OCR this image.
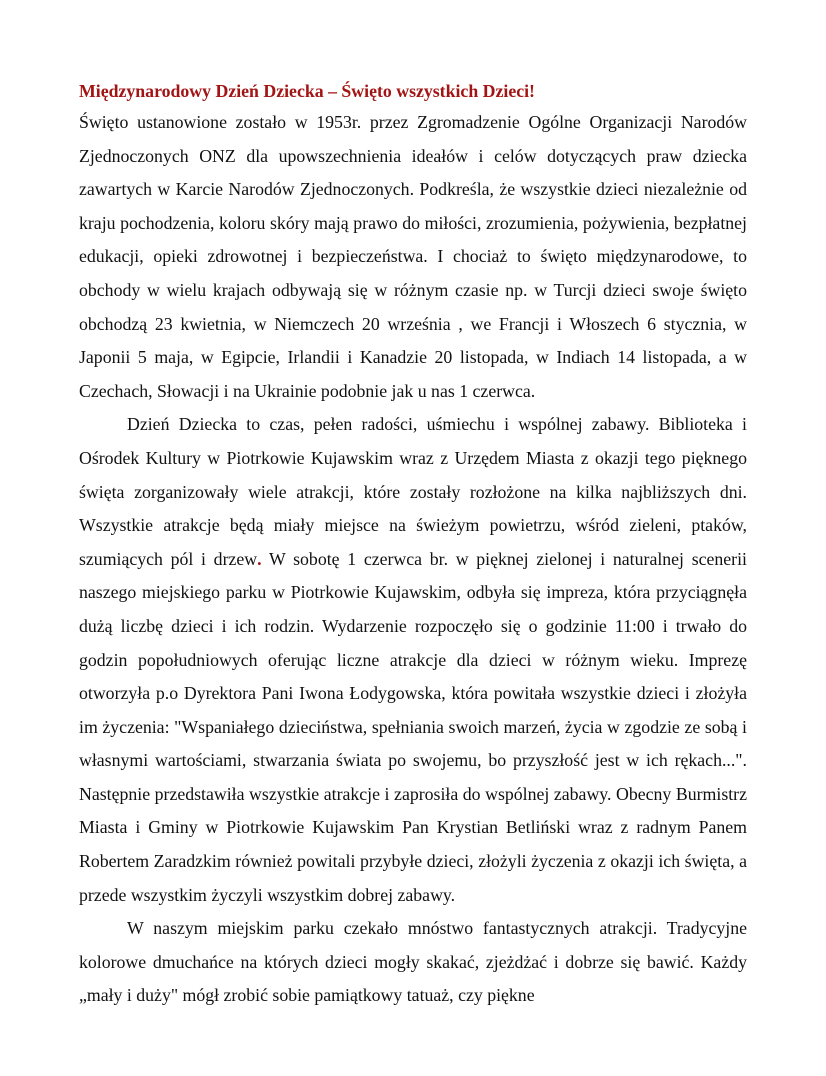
Międzynarodowy Dzień Dziecka – Święto wszystkich Dzieci!

Święto ustanowione zostało w 1953r. przez Zgromadzenie Ogólne Organizacji Narodów Zjednoczonych ONZ dla upowszechnienia ideałów i celów dotyczących praw dziecka zawartych w Karcie Narodów Zjednoczonych. Podkreśla, że wszystkie dzieci niezależnie od kraju pochodzenia, koloru skóry mają prawo do miłości, zrozumienia, pożywienia, bezpłatnej edukacji, opieki zdrowotnej i bezpieczeństwa. I chociaż to święto międzynarodowe, to obchody w wielu krajach odbywają się w różnym czasie np. w Turcji dzieci swoje święto obchodzą 23 kwietnia, w Niemczech 20 września , we Francji i Włoszech 6 stycznia, w Japonii 5 maja, w Egipcie, Irlandii i Kanadzie 20 listopada, w Indiach 14 listopada, a w Czechach, Słowacji i na Ukrainie podobnie jak u nas 1 czerwca.

Dzień Dziecka to czas, pełen radości, uśmiechu i wspólnej zabawy. Biblioteka i Ośrodek Kultury w Piotrkowie Kujawskim wraz z Urzędem Miasta z okazji tego pięknego święta zorganizowały wiele atrakcji, które zostały rozłożone na kilka najbliższych dni. Wszystkie atrakcje będą miały miejsce na świeżym powietrzu, wśród zieleni, ptaków, szumiących pól i drzew. W sobotę 1 czerwca br. w pięknej zielonej i naturalnej scenerii naszego miejskiego parku w Piotrkowie Kujawskim, odbyła się impreza, która przyciągnęła dużą liczbę dzieci i ich rodzin. Wydarzenie rozpoczęło się o godzinie 11:00 i trwało do godzin popołudniowych oferując liczne atrakcje dla dzieci w różnym wieku. Imprezę otworzyła p.o Dyrektora Pani Iwona Łodygowska, która powitała wszystkie dzieci i złożyła im życzenia: "Wspaniałego dzieciństwa, spełniania swoich marzeń, życia w zgodzie ze sobą i własnymi wartościami, stwarzania świata po swojemu, bo przyszłość jest w ich rękach...". Następnie przedstawiła wszystkie atrakcje i zaprosiła do wspólnej zabawy. Obecny Burmistrz Miasta i Gminy w Piotrkowie Kujawskim Pan Krystian Betliński wraz z radnym Panem Robertem Zaradzkim również powitali przybyłe dzieci, złożyli życzenia z okazji ich święta, a przede wszystkim życzyli wszystkim dobrej zabawy.

W naszym miejskim parku czekało mnóstwo fantastycznych atrakcji. Tradycyjne kolorowe dmuchańce na których dzieci mogły skakać, zjeżdżać i dobrze się bawić. Każdy „mały i duży" mógł zrobić sobie pamiątkowy tatuaż, czy piękne
